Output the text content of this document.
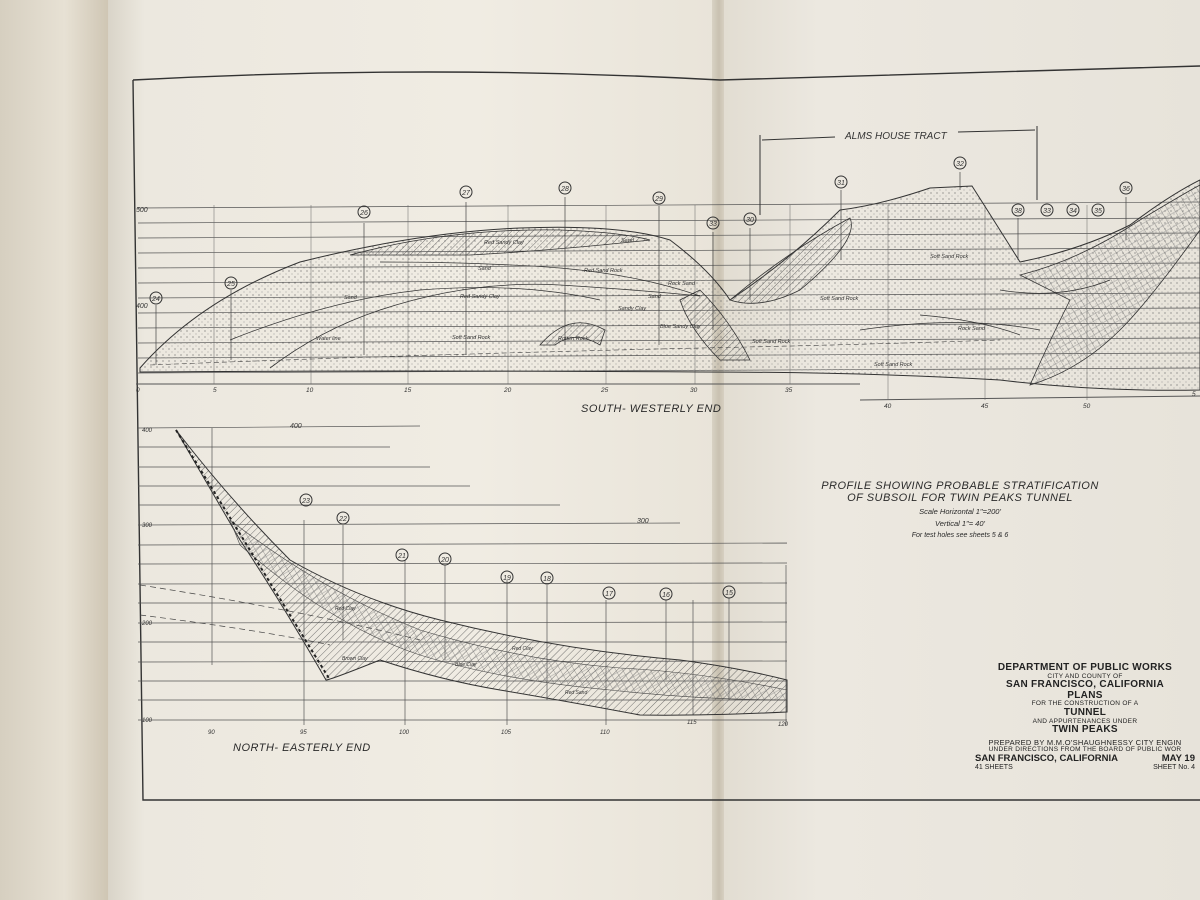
500
400
ALMS HOUSE TRACT
0	5	10	15	20	25	30	35
40	45	50
5
24
25
26
27
28
29
33
30
31
32
38	33	34 35
36
Red Sandy Clay	Sand
Sand	Red Sand Rock
Sand	Red Sandy Clay	Sand
Soft Sand Rock	Rotten Rock
Blue Sandy Clay
Sandy Clay
Rock Sand
Soft Sand Rock
Soft Sand Rock
Soft Sand Rock
Rock Sand
Soft Sand Rock
Water line
400
300
200
100
400
300
90	95	100	105	110
115	120
23
22
21
20
19	18
17	16	15
Red Clay
Blue Clay
Red Sand
Brown Clay
Red Clay
SOUTH- WESTERLY END
NORTH- EASTERLY END
PROFILE SHOWING PROBABLE STRATIFICATION
OF SUBSOIL FOR TWIN PEAKS TUNNEL
Scale Horizontal 1"=200'
Vertical 1"= 40'
For test holes see sheets 5 & 6
DEPARTMENT OF PUBLIC WORKS
CITY AND COUNTY OF
SAN FRANCISCO, CALIFORNIA
PLANS
FOR THE CONSTRUCTION OF A
TUNNEL
AND APPURTENANCES UNDER
TWIN PEAKS
PREPARED BY M.M.O'SHAUGHNESSY CITY ENGIN
UNDER DIRECTIONS FROM THE BOARD OF PUBLIC WOR
SAN FRANCISCO, CALIFORNIA	MAY 19
41 SHEETS	SHEET No. 4
